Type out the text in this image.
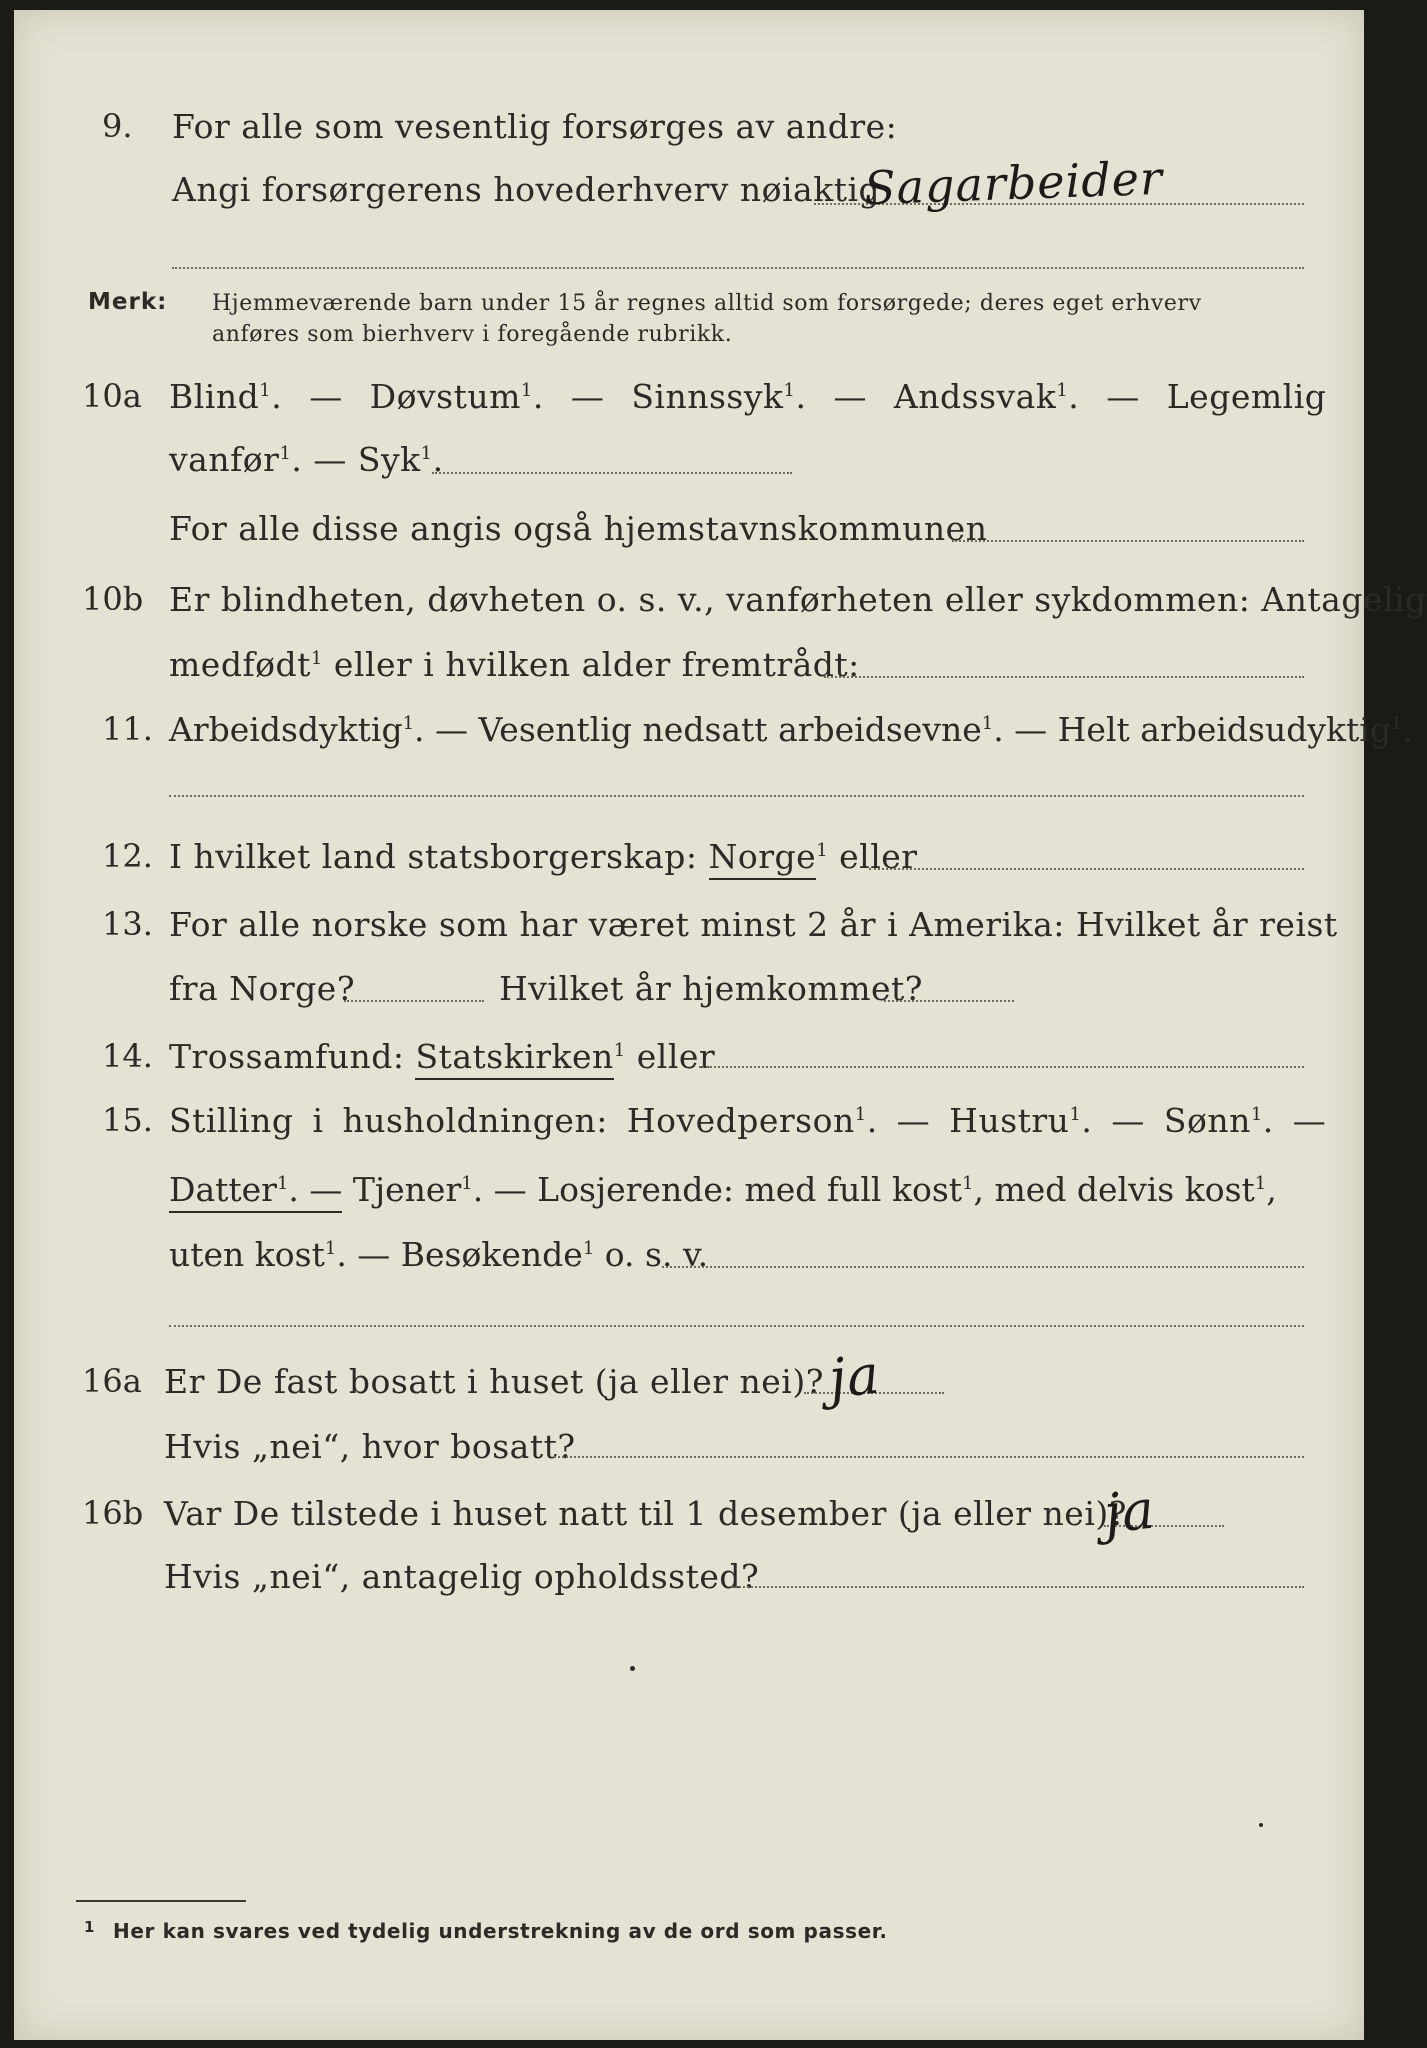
9. For alle som vesentlig forsørges av andre:
Angi forsørgerens hovederhverv nøiaktig
Sagarbeider
Merk: Hjemmeværende barn under 15 år regnes alltid som forsørgede; deres eget erhverv
anføres som bierhverv i foregående rubrikk.
10a Blind$^1$. — Døvstum$^1$. — Sinnssyk$^1$. — Andssvak$^1$. — Legemlig
vanfør$^1$. — Syk$^1$.
For alle disse angis også hjemstavnskommunen
10b Er blindheten, døvheten o. s. v., vanførheten eller sykdommen: Antagelig
medfødt$^1$ eller i hvilken alder fremtrådt:
11. Arbeidsdyktig$^1$. — Vesentlig nedsatt arbeidsevne$^1$. — Helt arbeidsudyktig$^1$.
12. I hvilket land statsborgerskap: Norge$^1$ eller
13. For alle norske som har været minst 2 år i Amerika: Hvilket år reist
fra Norge?	Hvilket år hjemkommet?
14. Trossamfund: Statskirken$^1$ eller
15. Stilling i husholdningen: Hovedperson$^1$. — Hustru$^1$. — Sønn$^1$. —
Datter$^1$. — Tjener$^1$. — Losjerende: med full kost$^1$, med delvis kost$^1$,
uten kost$^1$. — Besøkende$^1$ o. s. v.
16a Er De fast bosatt i huset (ja eller nei)? ja
Hvis „nei“, hvor bosatt?
16b Var De tilstede i huset natt til 1 desember (ja eller nei)?
ja
Hvis „nei“, antagelig opholdssted?
$^1$ Her kan svares ved tydelig understrekning av de ord som passer.
